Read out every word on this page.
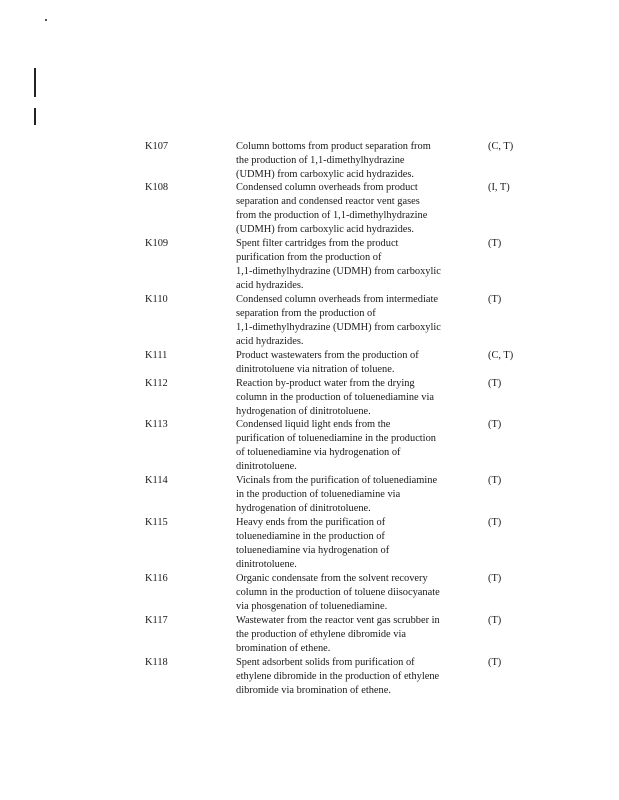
K107	Column bottoms from product separation from
the production of 1,1-dimethylhydrazine
(UDMH) from carboxylic acid hydrazides.
(C, T)
K108	Condensed column overheads from product
separation and condensed reactor vent gases
from the production of 1,1-dimethylhydrazine
(UDMH) from carboxylic acid hydrazides.
(I, T)
K109	Spent filter cartridges from the product
purification from the production of
1,1-dimethylhydrazine (UDMH) from carboxylic
acid hydrazides.
(T)
K110	Condensed column overheads from intermediate
separation from the production of
1,1-dimethylhydrazine (UDMH) from carboxylic
acid hydrazides.
(T)
K111	Product wastewaters from the production of
dinitrotoluene via nitration of toluene.
(C, T)
K112	Reaction by-product water from the drying
column in the production of toluenediamine via
hydrogenation of dinitrotoluene.
(T)
K113	Condensed liquid light ends from the
purification of toluenediamine in the production
of toluenediamine via hydrogenation of
dinitrotoluene.
(T)
K114	Vicinals from the purification of toluenediamine
in the production of toluenediamine via
hydrogenation of dinitrotoluene.
(T)
K115	Heavy ends from the purification of
toluenediamine in the production of
toluenediamine via hydrogenation of
dinitrotoluene.
(T)
K116	Organic condensate from the solvent recovery
column in the production of toluene diisocyanate
via phosgenation of toluenediamine.
(T)
K117	Wastewater from the reactor vent gas scrubber in
the production of ethylene dibromide via
bromination of ethene.
(T)
K118	Spent adsorbent solids from purification of
ethylene dibromide in the production of ethylene
dibromide via bromination of ethene.
(T)
